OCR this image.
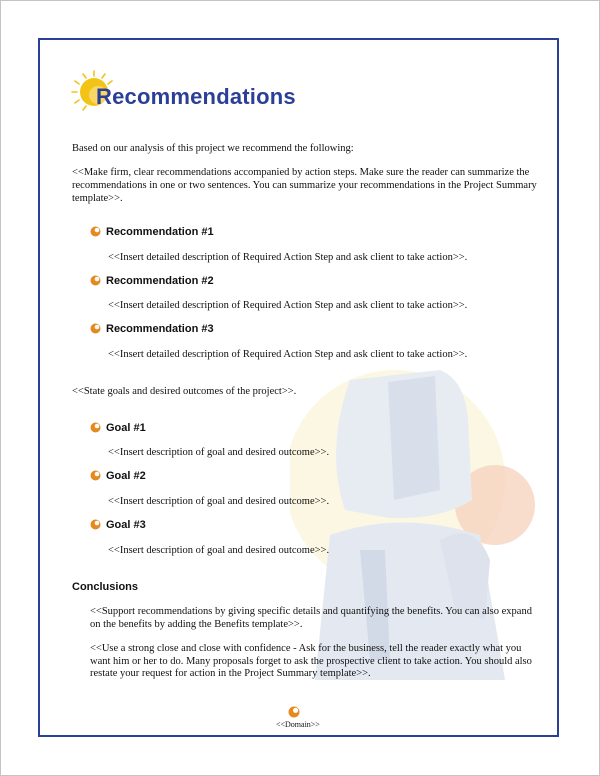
Recommendations

Based on our analysis of this project we recommend the following:

<<Make firm, clear recommendations accompanied by action steps. Make sure the reader can summarize the recommendations in one or two sentences. You can summarize your recommendations in the Project Summary template>>.

Recommendation #1

<<Insert detailed description of Required Action Step and ask client to take action>>.

Recommendation #2

<<Insert detailed description of Required Action Step and ask client to take action>>.

Recommendation #3

<<Insert detailed description of Required Action Step and ask client to take action>>.

<<State goals and desired outcomes of the project>>.

Goal #1

<<Insert description of goal and desired outcome>>.

Goal #2

<<Insert description of goal and desired outcome>>.

Goal #3

<<Insert description of goal and desired outcome>>.

Conclusions

<<Support recommendations by giving specific details and quantifying the benefits. You can also expand on the benefits by adding the Benefits template>>.

<<Use a strong close and close with confidence - Ask for the business, tell the reader exactly what you want him or her to do. Many proposals forget to ask the prospective client to take action. You should also restate your request for action in the Project Summary template>>.

<<Domain>>
